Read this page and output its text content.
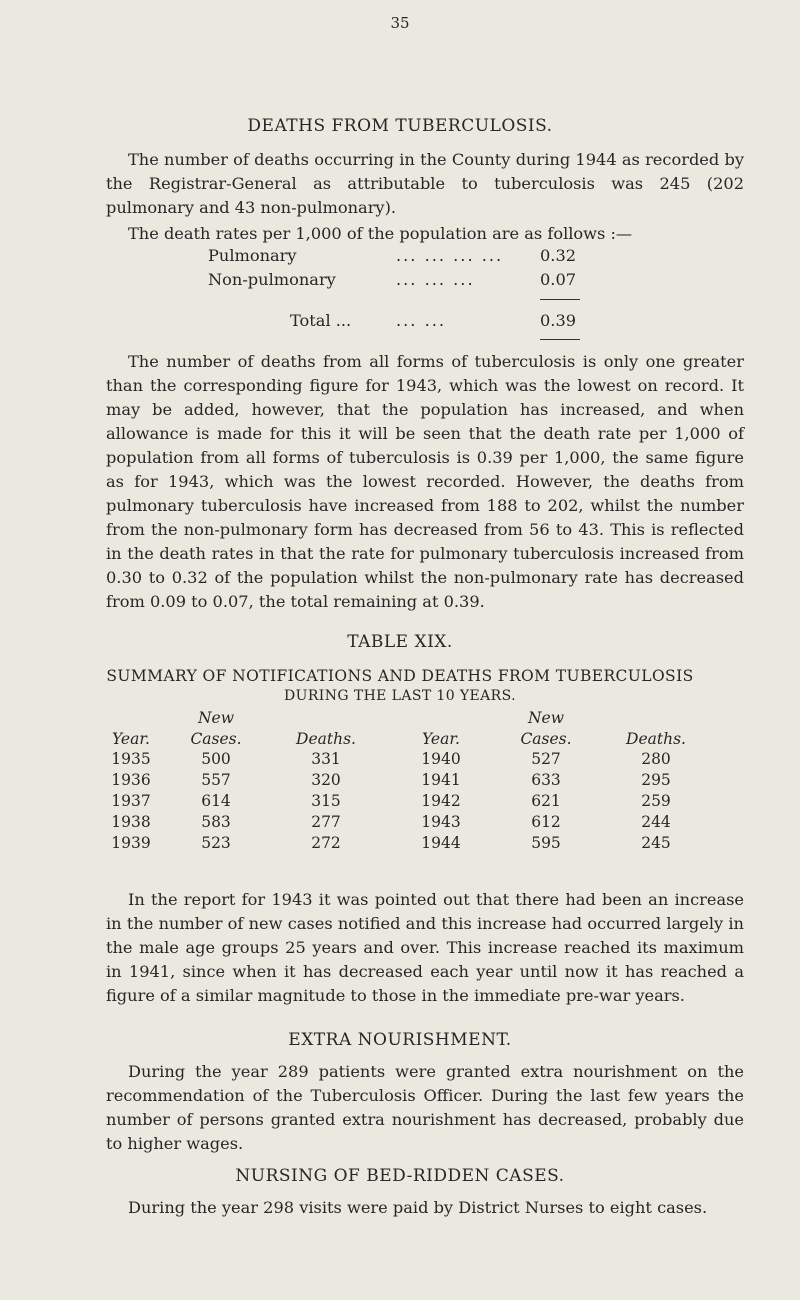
35
DEATHS FROM TUBERCULOSIS.

The number of deaths occurring in the County during 1944 as recorded by the Registrar-General as attributable to tuberculosis was 245 (202 pulmonary and 43 non-pulmonary).

The death rates per 1,000 of the population are as follows :—

Pulmonary	... ... ... ... 0.32
Non-pulmonary	... ... ...	0.07
Total ...	... ...	0.39

The number of deaths from all forms of tuberculosis is only one greater than the corresponding figure for 1943, which was the lowest on record. It may be added, however, that the population has increased, and when allowance is made for this it will be seen that the death rate per 1,000 of population from all forms of tuberculosis is 0.39 per 1,000, the same figure as for 1943, which was the lowest recorded. However, the deaths from pulmonary tuberculosis have increased from 188 to 202, whilst the number from the non-pulmonary form has decreased from 56 to 43. This is reflected in the death rates in that the rate for pulmonary tuberculosis increased from 0.30 to 0.32 of the population whilst the non-pulmonary rate has decreased from 0.09 to 0.07, the total remaining at 0.39.

TABLE XIX.
SUMMARY OF NOTIFICATIONS AND DEATHS FROM TUBERCULOSIS
DURING THE LAST 10 YEARS.
	New			New	
Year.	Cases.	Deaths.	Year.	Cases.	Deaths.
1935	500	331	1940	527	280
1936	557	320	1941	633	295
1937	614	315	1942	621	259
1938	583	277	1943	612	244
1939	523	272	1944	595	245

In the report for 1943 it was pointed out that there had been an increase in the number of new cases notified and this increase had occurred largely in the male age groups 25 years and over. This increase reached its maximum in 1941, since when it has decreased each year until now it has reached a figure of a similar magnitude to those in the immediate pre-war years.

EXTRA NOURISHMENT.

During the year 289 patients were granted extra nourishment on the recommendation of the Tuberculosis Officer. During the last few years the number of persons granted extra nourishment has decreased, probably due to higher wages.

NURSING OF BED-RIDDEN CASES.

During the year 298 visits were paid by District Nurses to eight cases.
